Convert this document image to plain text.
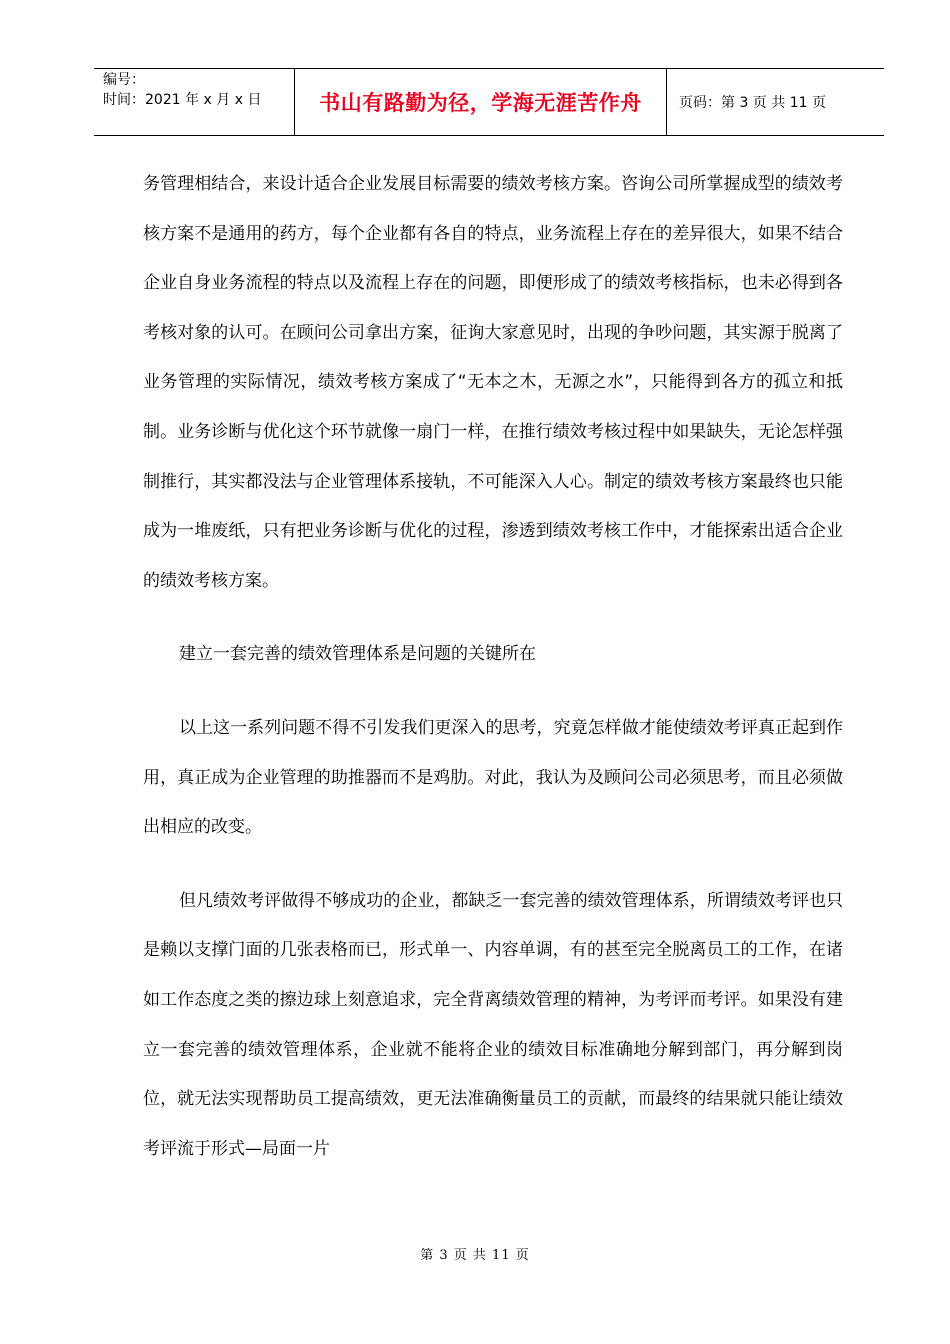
编号：
时间：2021 年 x 月 x 日	书山有路勤为径，学海无涯苦作舟	页码：第 3 页 共 11 页

务管理相结合，来设计适合企业发展目标需要的绩效考核方案。咨询公司所掌握成型的绩效考核方案不是通用的药方，每个企业都有各自的特点，业务流程上存在的差异很大，如果不结合企业自身业务流程的特点以及流程上存在的问题，即便形成了的绩效考核指标，也未必得到各考核对象的认可。在顾问公司拿出方案，征询大家意见时，出现的争吵问题，其实源于脱离了业务管理的实际情况，绩效考核方案成了“无本之木，无源之水”，只能得到各方的孤立和抵制。业务诊断与优化这个环节就像一扇门一样，在推行绩效考核过程中如果缺失，无论怎样强制推行，其实都没法与企业管理体系接轨，不可能深入人心。制定的绩效考核方案最终也只能成为一堆废纸，只有把业务诊断与优化的过程，渗透到绩效考核工作中，才能探索出适合企业的绩效考核方案。

建立一套完善的绩效管理体系是问题的关键所在

以上这一系列问题不得不引发我们更深入的思考，究竟怎样做才能使绩效考评真正起到作用，真正成为企业管理的助推器而不是鸡肋。对此，我认为及顾问公司必须思考，而且必须做出相应的改变。

但凡绩效考评做得不够成功的企业，都缺乏一套完善的绩效管理体系，所谓绩效考评也只是赖以支撑门面的几张表格而已，形式单一、内容单调，有的甚至完全脱离员工的工作，在诸如工作态度之类的擦边球上刻意追求，完全背离绩效管理的精神，为考评而考评。如果没有建立一套完善的绩效管理体系，企业就不能将企业的绩效目标准确地分解到部门，再分解到岗位，就无法实现帮助员工提高绩效，更无法准确衡量员工的贡献，而最终的结果就只能让绩效考评流于形式—局面一片

第 3 页 共 11 页
